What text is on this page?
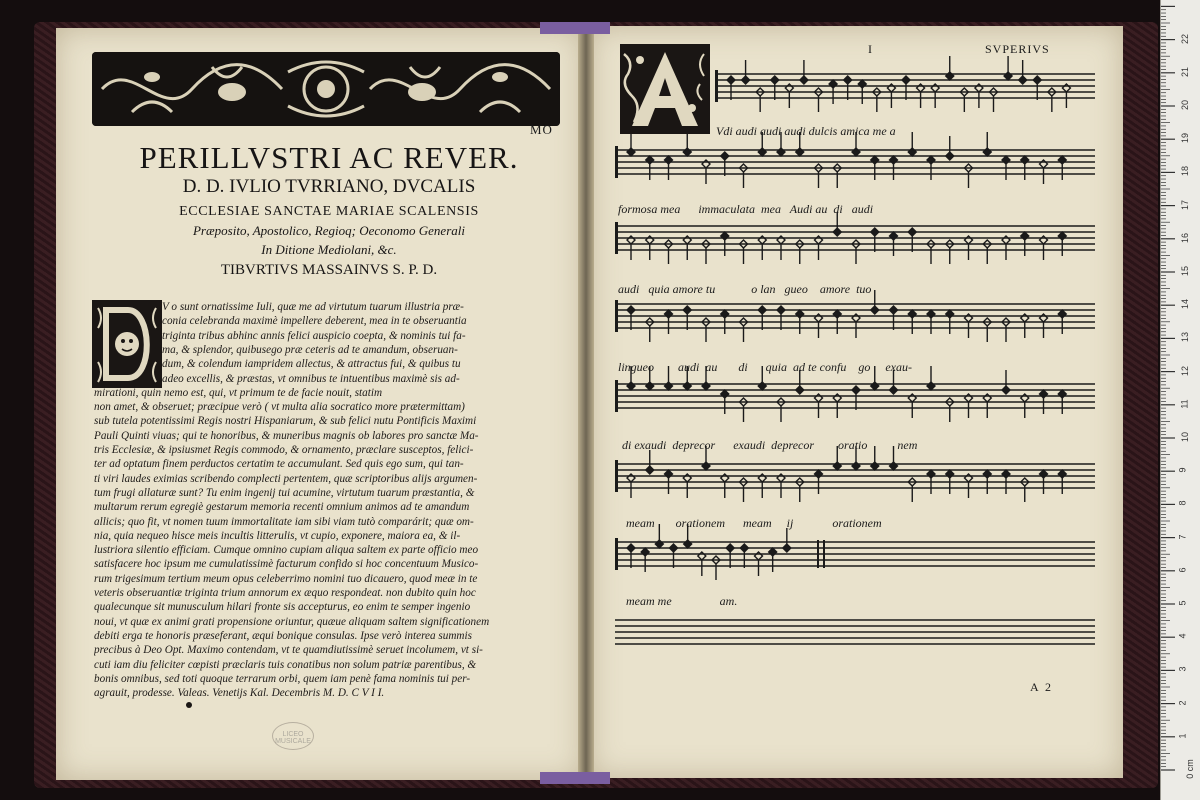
MO
PERILLVSTRI AC REVER.
D. D. IVLIO TVRRIANO, DVCALIS
ECCLESIAE SANCTAE MARIAE SCALENSIS
Præposito, Apostolico, Regioq; Oeconomo Generali
In Ditione Mediolani, &c.
TIBVRTIVS MASSAINVS S. P. D.
V o sunt ornatissime Iuli, quæ me ad virtutum tuarum illustria præ-
conia celebranda maximè impellere deberent, mea in te obseruantia
triginta tribus abhinc annis felici auspicio coepta, & nominis tui fa-
ma, & splendor, quibusego præ ceteris ad te amandum, obseruan-
dum, & colendum iampridem allectus, & attractus fui, & quibus tu
adeo excellis, & præstas, vt omnibus te intuentibus maximè sis ad-
mirationi, quin nemo est, qui, vt primum te de facie nouit, statim
non amet, & obseruet; præcipue verò ( vt multa alia socratico more prætermittam)
sub tutela potentissimi Regis nostri Hispaniarum, & sub felici nutu Pontificis Maximi
Pauli Quinti viuas; qui te honoribus, & muneribus magnis ob labores pro sanctæ Ma-
tris Ecclesiæ, & ipsiusmet Regis commodo, & ornamento, præclare susceptos, felici-
ter ad optatum finem perductos certatim te accumulant. Sed quis ego sum, qui tan-
ti viri laudes eximias scribendo complecti pertentem, quæ scriptoribus alijs argumen-
tum frugi allaturæ sunt? Tu enim ingenij tui acumine, virtutum tuarum præstantia, &
multarum rerum egregiè gestarum memoria recenti omnium animos ad te amandum
allicis; quo fit, vt nomen tuum immortalitate iam sibi viam tutò comparárit; quæ om-
nia, quia nequeo hisce meis incultis litterulis, vt cupio, exponere, maiora ea, & il-
lustriora silentio efficiam. Cumque omnino cupiam aliqua saltem ex parte officio meo
satisfacere hoc ipsum me cumulatissimè facturum confido si hoc concentuum Musico-
rum trigesimum tertium meum opus celeberrimo nomini tuo dicauero, quod meæ in te
veteris obseruantiæ triginta trium annorum ex æquo respondeat. non dubito quin hoc
qualecunque sit munusculum hilari fronte sis accepturus, eo enim te semper ingenio
noui, vt quæ ex animi grati propensione oriuntur, quæue aliquam saltem significationem
debiti erga te honoris præseferant, æqui bonique consulas. Ipse verò interea summis
precibus à Deo Opt. Maximo contendam, vt te quamdiutissimè seruet incolumem, vt si-
cuti iam diu feliciter cœpisti præclaris tuis conatibus non solum patriæ parentibus, &
bonis omnibus, sed toti quoque terrarum orbi, quem iam penè fama nominis tui per-
agrauit, prodesse. Valeas. Venetijs Kal. Decembris M. D. C V I I.
LICEO MUSICALE
I	SVPERIVS
Vdi audi audi audi dulcis amica me a
formosa mea      immaculata  mea   Audi au  di   audi
audi   quia amore tu            o lan   gueo    amore  tuo
lingueo        audi  au       di      quia  ad te confu    go     exau-
di exaudi  deprecor      exaudi  deprecor        oratio          nem
meam       orationem      meam     ij             orationem
meam me                am.
A 2
0 cm
1
2
3
4
5
6
7
8
9
10
11
12
13
14
15
16
17
18
19
20
21
22
